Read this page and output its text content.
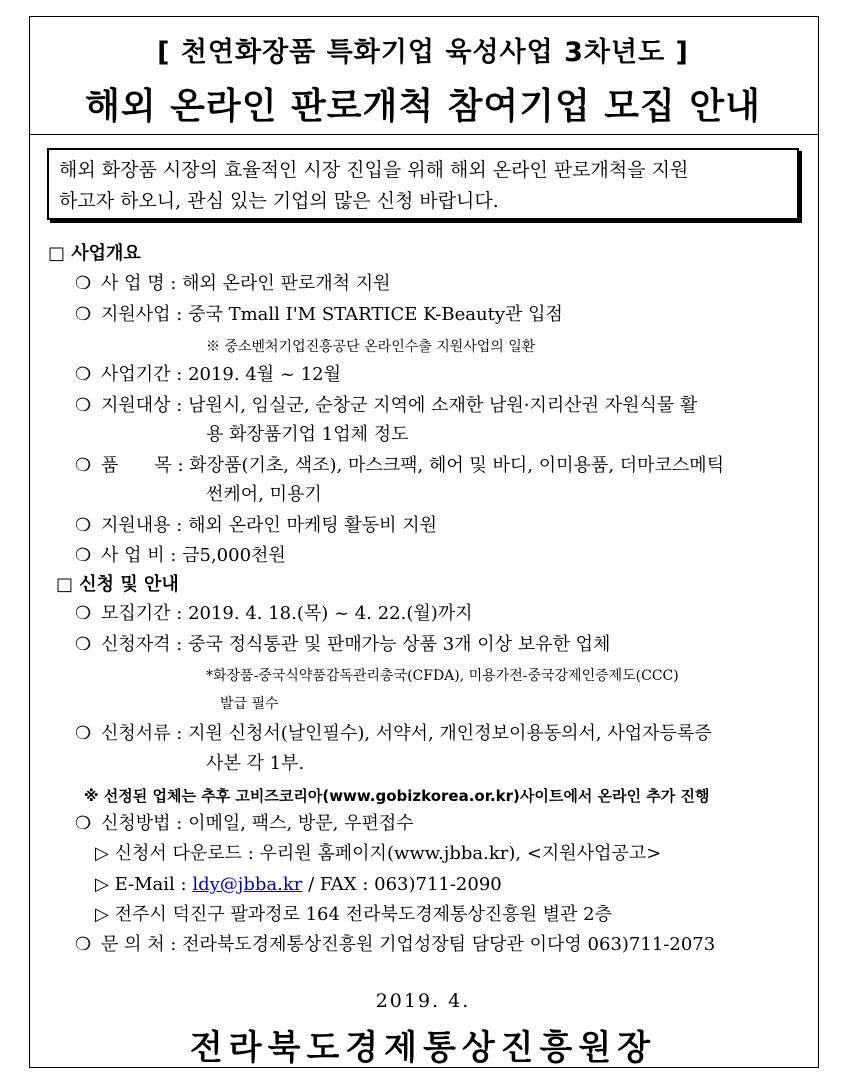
[ 천연화장품 특화기업 육성사업 3차년도 ]
해외 온라인 판로개척 참여기업 모집 안내
해외 화장품 시장의 효율적인 시장 진입을 위해 해외 온라인 판로개척을 지원
하고자 하오니, 관심 있는 기업의 많은 신청 바랍니다.
□ 사업개요
❍ 사 업 명 : 해외 온라인 판로개척 지원
❍ 지원사업 : 중국 Tmall I'M STARTICE K-Beauty관 입점
※ 중소벤처기업진흥공단 온라인수출 지원사업의 일환
❍ 사업기간 : 2019. 4월 ~ 12월
❍ 지원대상 : 남원시, 임실군, 순창군 지역에 소재한 남원·지리산권 자원식물 활
용 화장품기업 1업체 정도
❍ 품　　목 : 화장품(기초, 색조), 마스크팩, 헤어 및 바디, 이미용품, 더마코스메틱
썬케어, 미용기
❍ 지원내용 : 해외 온라인 마케팅 활동비 지원
❍ 사 업 비 : 금5,000천원
□ 신청 및 안내
❍ 모집기간 : 2019. 4. 18.(목) ~ 4. 22.(월)까지
❍ 신청자격 : 중국 정식통관 및 판매가능 상품 3개 이상 보유한 업체
*화장품-중국식약품감독관리총국(CFDA), 미용가전-중국강제인증제도(CCC)
발급 필수
❍ 신청서류 : 지원 신청서(날인필수), 서약서, 개인정보이용동의서, 사업자등록증
사본 각 1부.
※ 선정된 업체는 추후 고비즈코리아(www.gobizkorea.or.kr)사이트에서 온라인 추가 진행
❍ 신청방법 : 이메일, 팩스, 방문, 우편접수
▷ 신청서 다운로드 : 우리원 홈페이지(www.jbba.kr), <지원사업공고>
▷ E-Mail : ldy@jbba.kr / FAX : 063)711-2090
▷ 전주시 덕진구 팔과정로 164 전라북도경제통상진흥원 별관 2층
❍ 문 의 처 : 전라북도경제통상진흥원 기업성장팀 담당관 이다영 063)711-2073
2019. 4.
전라북도경제통상진흥원장
